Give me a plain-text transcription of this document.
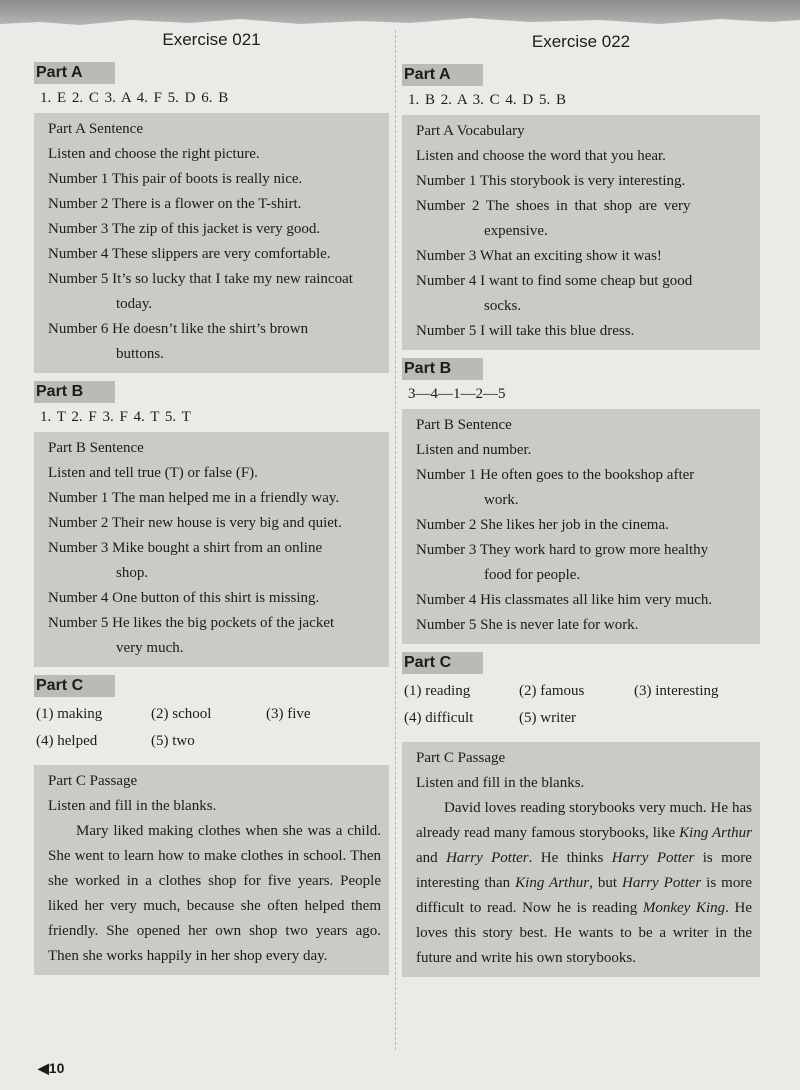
Exercise 021
Part A
1. E 2. C 3. A 4. F 5. D 6. B
Part A Sentence
Listen and choose the right picture.
Number 1 This pair of boots is really nice.
Number 2 There is a flower on the T-shirt.
Number 3 The zip of this jacket is very good.
Number 4 These slippers are very comfortable.
Number 5 It’s so lucky that I take my new raincoat
today.
Number 6 He doesn’t like the shirt’s brown
buttons.
Part B
1. T 2. F 3. F 4. T 5. T
Part B Sentence
Listen and tell true (T) or false (F).
Number 1 The man helped me in a friendly way.
Number 2 Their new house is very big and quiet.
Number 3 Mike bought a shirt from an online
shop.
Number 4 One button of this shirt is missing.
Number 5 He likes the big pockets of the jacket
very much.
Part C
(1) making	(2) school	(3) five
(4) helped	(5) two
Part C Passage
Listen and fill in the blanks.
Mary liked making clothes when she was a child. She went to learn how to make clothes in school. Then she worked in a clothes shop for five years. People liked her very much, because she often helped them friendly. She opened her own shop two years ago. Then she works happily in her shop every day.
Exercise 022
Part A
1. B 2. A 3. C 4. D 5. B
Part A Vocabulary
Listen and choose the word that you hear.
Number 1 This storybook is very interesting.
Number 2 The shoes in that shop are very
expensive.
Number 3 What an exciting show it was!
Number 4 I want to find some cheap but good
socks.
Number 5 I will take this blue dress.
Part B
3—4—1—2—5
Part B Sentence
Listen and number.
Number 1 He often goes to the bookshop after
work.
Number 2 She likes her job in the cinema.
Number 3 They work hard to grow more healthy
food for people.
Number 4 His classmates all like him very much.
Number 5 She is never late for work.
Part C
(1) reading	(2) famous	(3) interesting
(4) difficult	(5) writer
Part C Passage
Listen and fill in the blanks.
David loves reading storybooks very much. He has already read many famous storybooks, like King Arthur and Harry Potter. He thinks Harry Potter is more interesting than King Arthur, but Harry Potter is more difficult to read. Now he is reading Monkey King. He loves this story best. He wants to be a writer in the future and write his own storybooks.
◀10
